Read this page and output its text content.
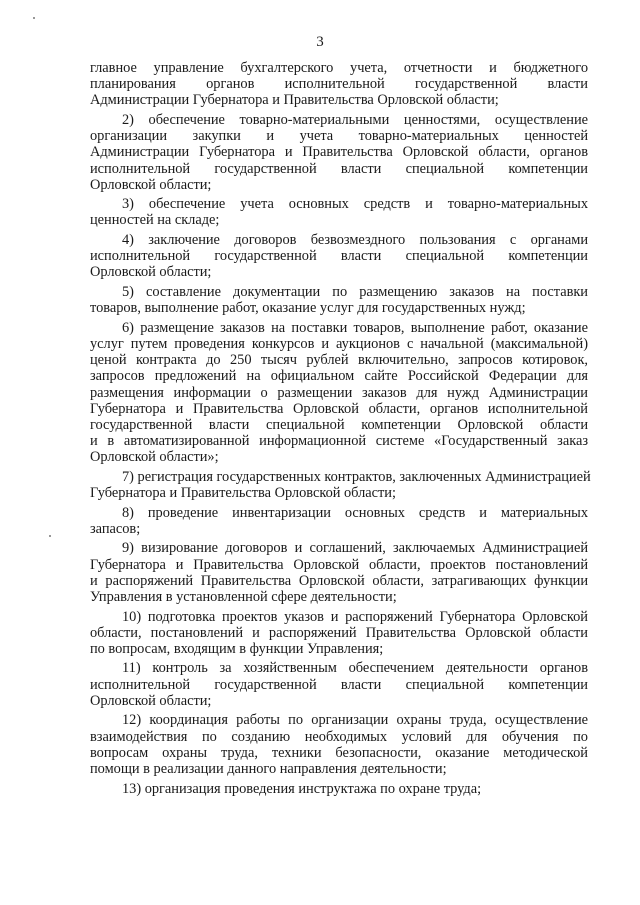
3
главное управление бухгалтерского учета, отчетности и бюджетного
планирования органов исполнительной государственной власти
Администрации Губернатора и Правительства Орловской области;
2) обеспечение товарно-материальными ценностями, осуществление
организации закупки и учета товарно-материальных ценностей
Администрации Губернатора и Правительства Орловской области, органов
исполнительной государственной власти специальной компетенции
Орловской области;
3) обеспечение учета основных средств и товарно-материальных
ценностей на складе;
4) заключение договоров безвозмездного пользования с органами
исполнительной государственной власти специальной компетенции
Орловской области;
5) составление документации по размещению заказов на поставки
товаров, выполнение работ, оказание услуг для государственных нужд;
6) размещение заказов на поставки товаров, выполнение работ, оказание
услуг путем проведения конкурсов и аукционов с начальной (максимальной)
ценой контракта до 250 тысяч рублей включительно, запросов котировок,
запросов предложений на официальном сайте Российской Федерации для
размещения информации о размещении заказов для нужд Администрации
Губернатора и Правительства Орловской области, органов исполнительной
государственной власти специальной компетенции Орловской области
и в автоматизированной информационной системе «Государственный заказ
Орловской области»;
7) регистрация государственных контрактов, заключенных Администрацией
Губернатора и Правительства Орловской области;
8) проведение инвентаризации основных средств и материальных
запасов;
9) визирование договоров и соглашений, заключаемых Администрацией
Губернатора и Правительства Орловской области, проектов постановлений
и распоряжений Правительства Орловской области, затрагивающих функции
Управления в установленной сфере деятельности;
10) подготовка проектов указов и распоряжений Губернатора Орловской
области, постановлений и распоряжений Правительства Орловской области
по вопросам, входящим в функции Управления;
11) контроль за хозяйственным обеспечением деятельности органов
исполнительной государственной власти специальной компетенции
Орловской области;
12) координация работы по организации охраны труда, осуществление
взаимодействия по созданию необходимых условий для обучения по
вопросам охраны труда, техники безопасности, оказание методической
помощи в реализации данного направления деятельности;
13) организация проведения инструктажа по охране труда;
